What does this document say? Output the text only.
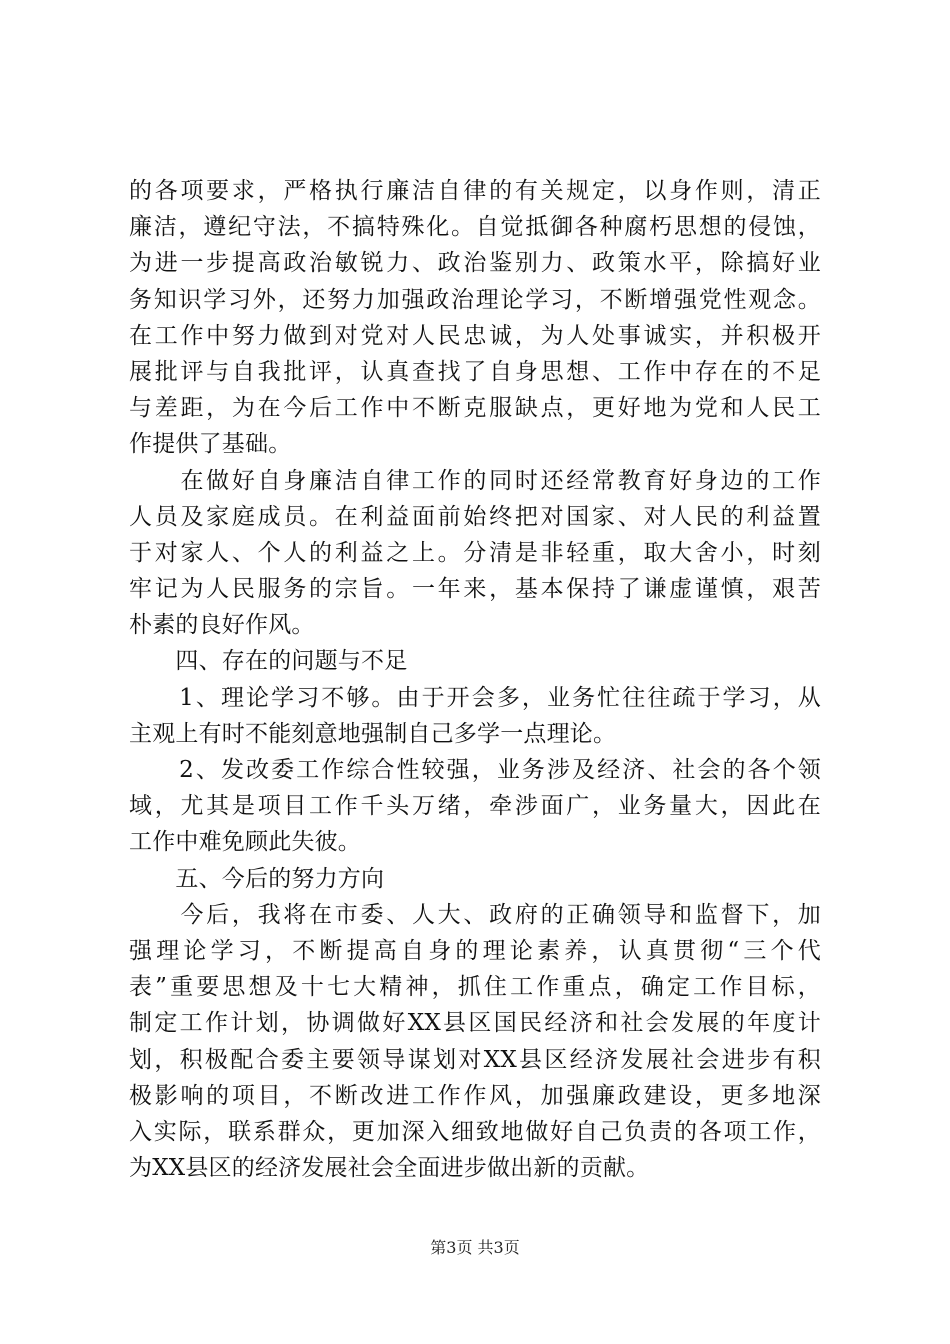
的各项要求，严格执行廉洁自律的有关规定，以身作则，清正
廉洁，遵纪守法，不搞特殊化。自觉抵御各种腐朽思想的侵蚀，
为进一步提高政治敏锐力、政治鉴别力、政策水平，除搞好业
务知识学习外，还努力加强政治理论学习，不断增强党性观念。
在工作中努力做到对党对人民忠诚，为人处事诚实，并积极开
展批评与自我批评，认真查找了自身思想、工作中存在的不足
与差距，为在今后工作中不断克服缺点，更好地为党和人民工
作提供了基础。
　　在做好自身廉洁自律工作的同时还经常教育好身边的工作
人员及家庭成员。在利益面前始终把对国家、对人民的利益置
于对家人、个人的利益之上。分清是非轻重，取大舍小，时刻
牢记为人民服务的宗旨。一年来，基本保持了谦虚谨慎，艰苦
朴素的良好作风。
　　四、存在的问题与不足
　　1、理论学习不够。由于开会多，业务忙往往疏于学习，从
主观上有时不能刻意地强制自己多学一点理论。
　　2、发改委工作综合性较强，业务涉及经济、社会的各个领
域，尤其是项目工作千头万绪，牵涉面广，业务量大，因此在
工作中难免顾此失彼。
　　五、今后的努力方向
　　今后，我将在市委、人大、政府的正确领导和监督下，加
强理论学习，不断提高自身的理论素养，认真贯彻“三个代
表”重要思想及十七大精神，抓住工作重点，确定工作目标，
制定工作计划，协调做好XX县区国民经济和社会发展的年度计
划，积极配合委主要领导谋划对XX县区经济发展社会进步有积
极影响的项目，不断改进工作作风，加强廉政建设，更多地深
入实际，联系群众，更加深入细致地做好自己负责的各项工作，
为XX县区的经济发展社会全面进步做出新的贡献。
第3页 共3页
